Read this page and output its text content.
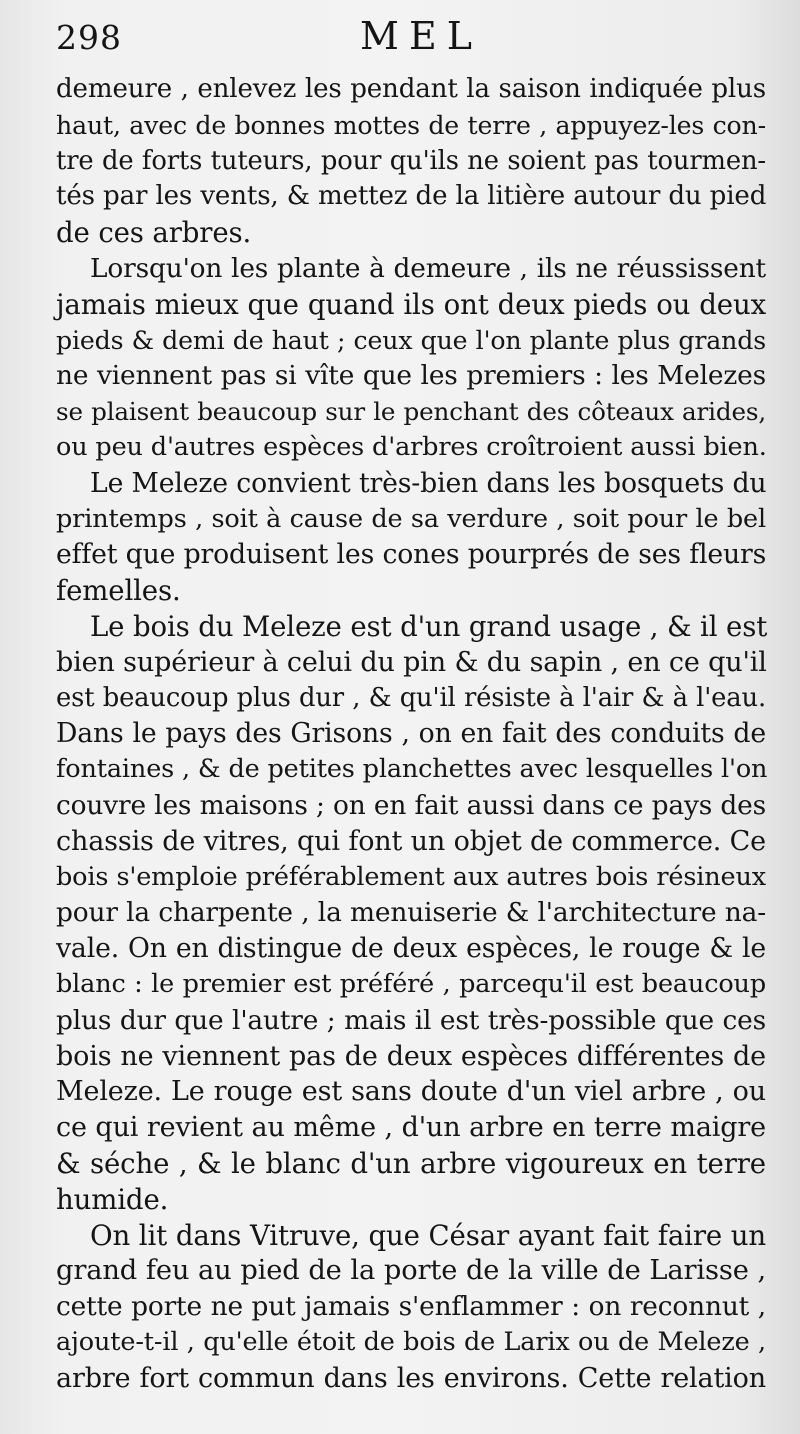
298	MEL
demeure , enlevez les pendant la saison indiquée plus
haut, avec de bonnes mottes de terre , appuyez-les con-
tre de forts tuteurs, pour qu'ils ne soient pas tourmen-
tés par les vents, & mettez de la litière autour du pied
de ces arbres.
Lorsqu'on les plante à demeure , ils ne réussissent
jamais mieux que quand ils ont deux pieds ou deux
pieds & demi de haut ; ceux que l'on plante plus grands
ne viennent pas si vîte que les premiers : les Melezes
se plaisent beaucoup sur le penchant des côteaux arides,
ou peu d'autres espèces d'arbres croîtroient aussi bien.
Le Meleze convient très-bien dans les bosquets du
printemps , soit à cause de sa verdure , soit pour le bel
effet que produisent les cones pourprés de ses fleurs
femelles.
Le bois du Meleze est d'un grand usage , & il est
bien supérieur à celui du pin & du sapin , en ce qu'il
est beaucoup plus dur , & qu'il résiste à l'air & à l'eau.
Dans le pays des Grisons , on en fait des conduits de
fontaines , & de petites planchettes avec lesquelles l'on
couvre les maisons ; on en fait aussi dans ce pays des
chassis de vitres, qui font un objet de commerce. Ce
bois s'emploie préférablement aux autres bois résineux
pour la charpente , la menuiserie & l'architecture na-
vale. On en distingue de deux espèces, le rouge & le
blanc : le premier est préféré , parcequ'il est beaucoup
plus dur que l'autre ; mais il est très-possible que ces
bois ne viennent pas de deux espèces différentes de
Meleze. Le rouge est sans doute d'un viel arbre , ou
ce qui revient au même , d'un arbre en terre maigre
& séche , & le blanc d'un arbre vigoureux en terre
humide.
On lit dans Vitruve, que César ayant fait faire un
grand feu au pied de la porte de la ville de Larisse ,
cette porte ne put jamais s'enflammer : on reconnut ,
ajoute-t-il , qu'elle étoit de bois de Larix ou de Meleze ,
arbre fort commun dans les environs. Cette relation
